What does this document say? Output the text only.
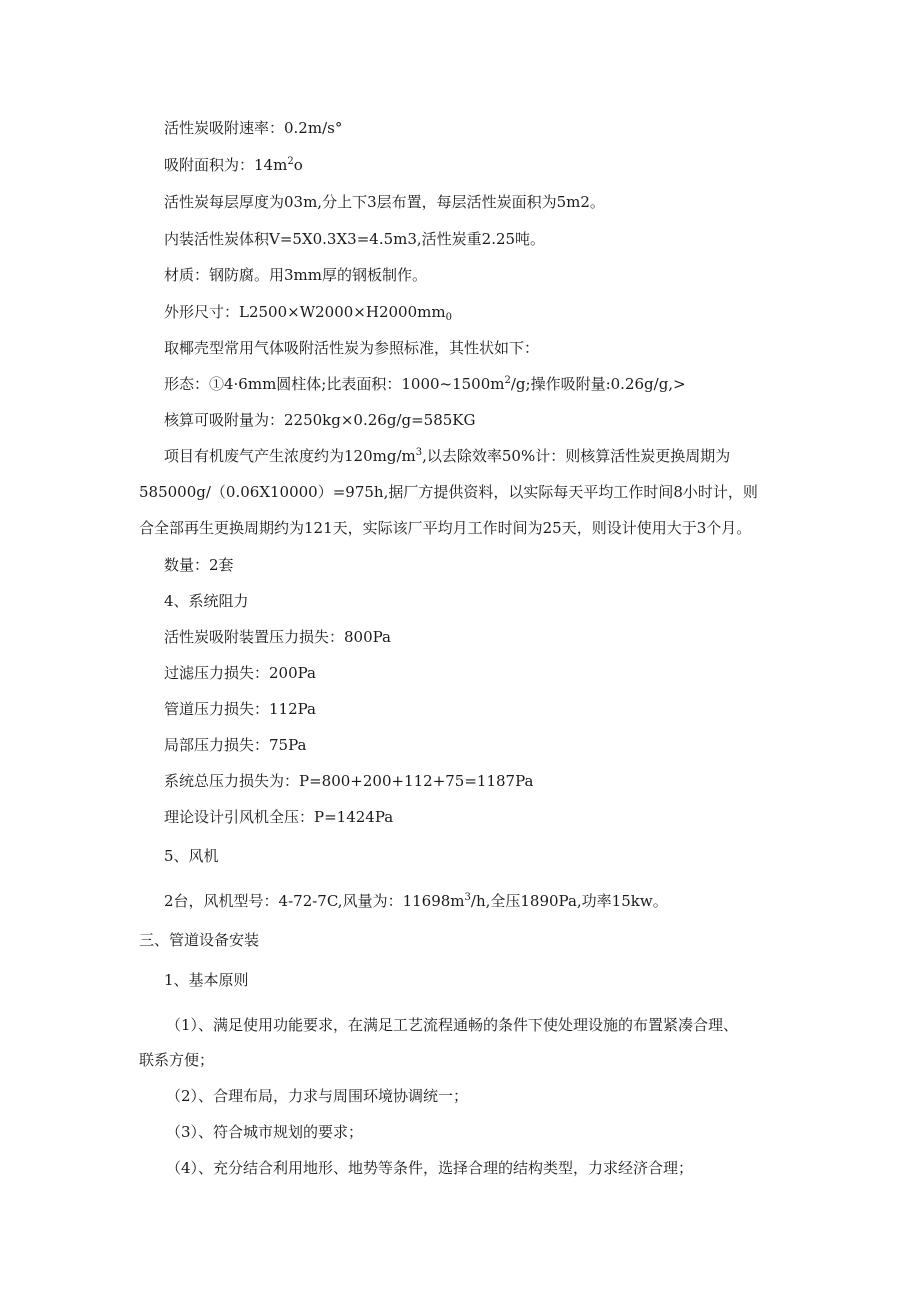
活性炭吸附速率：0.2m/s°
吸附面积为：$14m^2o$
活性炭每层厚度为03m,分上下3层布置，每层活性炭面积为5m2。
内装活性炭体积V=5X0.3X3=4.5m3,活性炭重2.25吨。
材质：钢防腐。用3mm厚的钢板制作。
外形尺寸：$L2500\times W2000\times H2000mm_0$
取椰壳型常用气体吸附活性炭为参照标准，其性状如下：
形态：①4·6mm圆柱体;比表面积：$1000\sim 1500m^2/g$;操作吸附量:0.26g/g,>
核算可吸附量为：2250kg×0.26g/g=585KG
项目有机废气产生浓度约为$120mg/m^3$,以去除效率50%计：则核算活性炭更换周期为
585000g/（0.06X10000）=975h,据厂方提供资料，以实际每天平均工作时间8小时计，则
合全部再生更换周期约为121天，实际该厂平均月工作时间为25天，则设计使用大于3个月。
数量：2套
4、系统阻力
活性炭吸附装置压力损失：800Pa
过滤压力损失：200Pa
管道压力损失：112Pa
局部压力损失：75Pa
系统总压力损失为：P=800+200+112+75=1187Pa
理论设计引风机全压：P=1424Pa
5、风机
2台，风机型号：4-72-7C,风量为：$11698m^3/h$,全压1890Pa,功率15kw。
三、管道设备安装
1、基本原则
（1）、满足使用功能要求，在满足工艺流程通畅的条件下使处理设施的布置紧凑合理、
联系方便；
（2）、合理布局，力求与周围环境协调统一；
（3）、符合城市规划的要求；
（4）、充分结合利用地形、地势等条件，选择合理的结构类型，力求经济合理；
